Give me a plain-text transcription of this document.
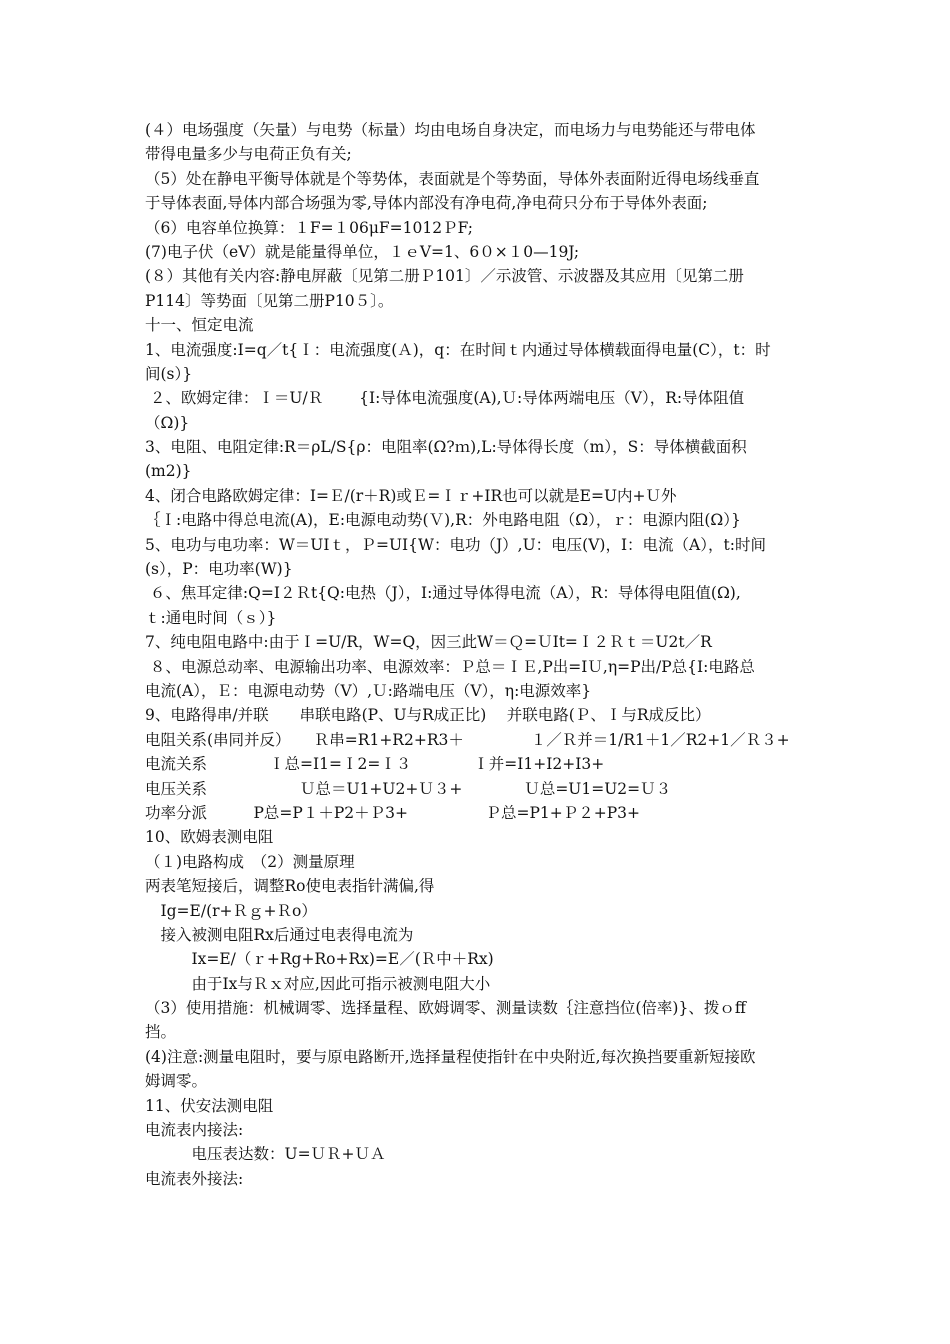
(４）电场强度（矢量）与电势（标量）均由电场自身决定，而电场力与电势能还与带电体
带得电量多少与电荷正负有关;
（5）处在静电平衡导体就是个等势体，表面就是个等势面，导体外表面附近得电场线垂直
于导体表面,导体内部合场强为零,导体内部没有净电荷,净电荷只分布于导体外表面;
（6）电容单位换算：１F=１06μF=1012ＰF;
(7)电子伏（eV）就是能量得单位，１ｅV=1、6０×１0—19J;
(８）其他有关内容:静电屏蔽〔见第二册Ｐ101〕／示波管、示波器及其应用〔见第二册
P114〕等势面〔见第二册P10５〕。
十一、恒定电流
1、电流强度:I=q／t{Ｉ：电流强度(Ａ)，q：在时间ｔ内通过导体横载面得电量(C），t：时
间(s）}
２、欧姆定律：Ｉ＝U/Ｒ　　 {I:导体电流强度(A),Ｕ:导体两端电压（V），R:导体阻值
（Ω)}
3、电阻、电阻定律:R＝ρL/S{ρ：电阻率(Ω?ｍ),L:导体得长度（m），S：导体横截面积
(m2)}
4、闭合电路欧姆定律：I=Ｅ/(r＋R)或Ｅ=Ｉｒ+IR也可以就是E=U内+Ｕ外
｛Ｉ:电路中得总电流(A)，E:电源电动势(Ｖ),R：外电路电阻（Ω），ｒ：电源内阻(Ω）}
5、电功与电功率：W＝UIｔ，Ｐ=UI{W：电功（J）,U：电压(V)，I：电流（A），t:时间
(s），P：电功率(W)}
６、焦耳定律:Q=I２Ｒt{Q:电热（J），I:通过导体得电流（A），R：导体得电阻值(Ω),
ｔ:通电时间（ｓ）}
7、纯电阻电路中:由于Ｉ=U/R，W=Q，因三此W＝Ｑ=ＵIt=Ｉ２Ｒｔ＝U2t／R
８、电源总动率、电源输出功率、电源效率：Ｐ总＝ＩＥ,P出=IＵ,η=P出/P总{I:电路总
电流(A），Ｅ：电源电动势（V）,Ｕ:路端电压（V），η:电源效率}
9、电路得串/并联　　串联电路(P、U与R成正比)　 并联电路(Ｐ、Ｉ与R成反比）
电阻关系(串同并反）　　Ｒ串=R1+R2+R3＋　　　　 １／Ｒ并＝1/R1＋1／R2+1／Ｒ３+
电流关系　　　　Ｉ总=I1=Ｉ2=Ｉ３　　　　Ｉ并=I1+I2+I3+
电压关系　　　　　　Ｕ总＝U1+U2+Ｕ３+　　　　Ｕ总=U1=U2=Ｕ３
功率分派　　　P总=P１＋P2＋Ｐ3+　　　　　Ｐ总=P1+Ｐ２+P3+
10、欧姆表测电阻
（１)电路构成　（2）测量原理
两表笔短接后，调整Ro使电表指针满偏,得
　Ig=E/(r+Ｒｇ+Ｒo）
　接入被测电阻Rx后通过电表得电流为
　　　Ix=E/（ｒ+Rg+Ro+Rx)=E／(Ｒ中＋Rx)
　　　由于Ix与Ｒｘ对应,因此可指示被测电阻大小
（3）使用措施：机械调零、选择量程、欧姆调零、测量读数｛注意挡位(倍率)}、拨ｏff
挡。
(4)注意:测量电阻时，要与原电路断开,选择量程使指针在中央附近,每次换挡要重新短接欧
姆调零。
11、伏安法测电阻
电流表内接法:
　　　电压表达数：U=ＵＲ+ＵＡ
电流表外接法:
